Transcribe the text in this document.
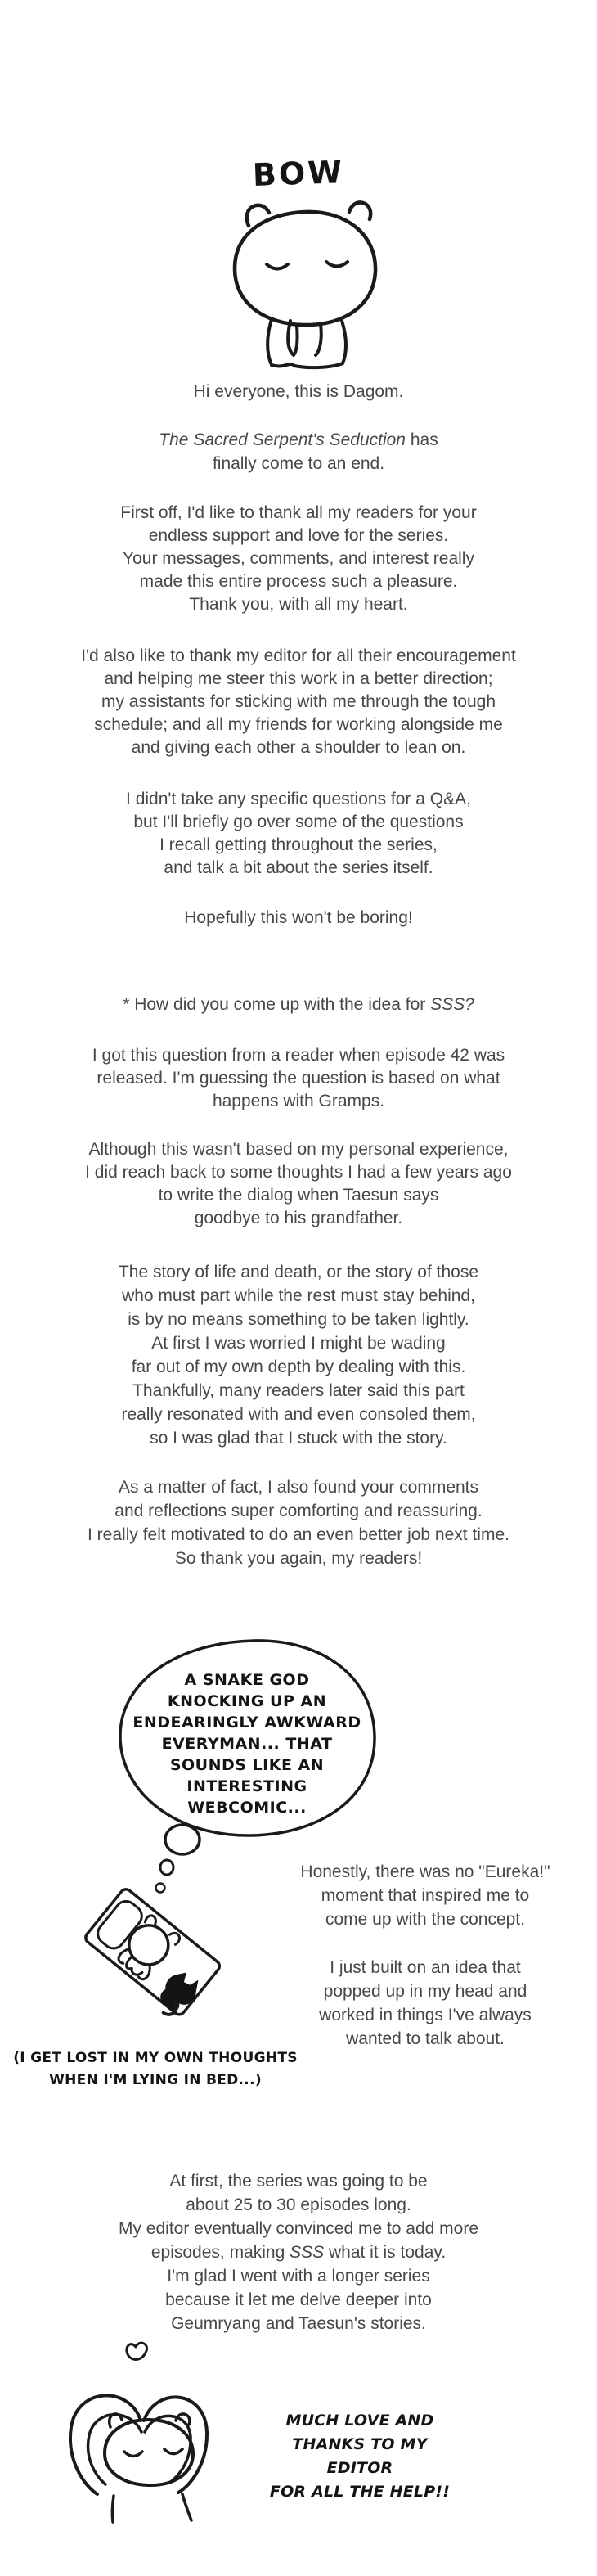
BOW
Hi everyone, this is Dagom.
The Sacred Serpent's Seduction has
finally come to an end.
First off, I'd like to thank all my readers for your
endless support and love for the series.
Your messages, comments, and interest really
made this entire process such a pleasure.
Thank you, with all my heart.
I'd also like to thank my editor for all their encouragement
and helping me steer this work in a better direction;
my assistants for sticking with me through the tough
schedule; and all my friends for working alongside me
and giving each other a shoulder to lean on.
I didn't take any specific questions for a Q&A,
but I'll briefly go over some of the questions
I recall getting throughout the series,
and talk a bit about the series itself.
Hopefully this won't be boring!
* How did you come up with the idea for SSS?
I got this question from a reader when episode 42 was
released. I'm guessing the question is based on what
happens with Gramps.
Although this wasn't based on my personal experience,
I did reach back to some thoughts I had a few years ago
to write the dialog when Taesun says
goodbye to his grandfather.
The story of life and death, or the story of those
who must part while the rest must stay behind,
is by no means something to be taken lightly.
At first I was worried I might be wading
far out of my own depth by dealing with this.
Thankfully, many readers later said this part
really resonated with and even consoled them,
so I was glad that I stuck with the story.
As a matter of fact, I also found your comments
and reflections super comforting and reassuring.
I really felt motivated to do an even better job next time.
So thank you again, my readers!
A SNAKE GOD
KNOCKING UP AN
ENDEARINGLY AWKWARD
EVERYMAN... THAT
SOUNDS LIKE AN
INTERESTING
WEBCOMIC...
Honestly, there was no "Eureka!"
moment that inspired me to
come up with the concept.
I just built on an idea that
popped up in my head and
worked in things I've always
wanted to talk about.
(I GET LOST IN MY OWN THOUGHTS
WHEN I'M LYING IN BED...)
At first, the series was going to be
about 25 to 30 episodes long.
My editor eventually convinced me to add more
episodes, making SSS what it is today.
I'm glad I went with a longer series
because it let me delve deeper into
Geumryang and Taesun's stories.
MUCH LOVE AND
THANKS TO MY EDITOR
FOR ALL THE HELP!!
